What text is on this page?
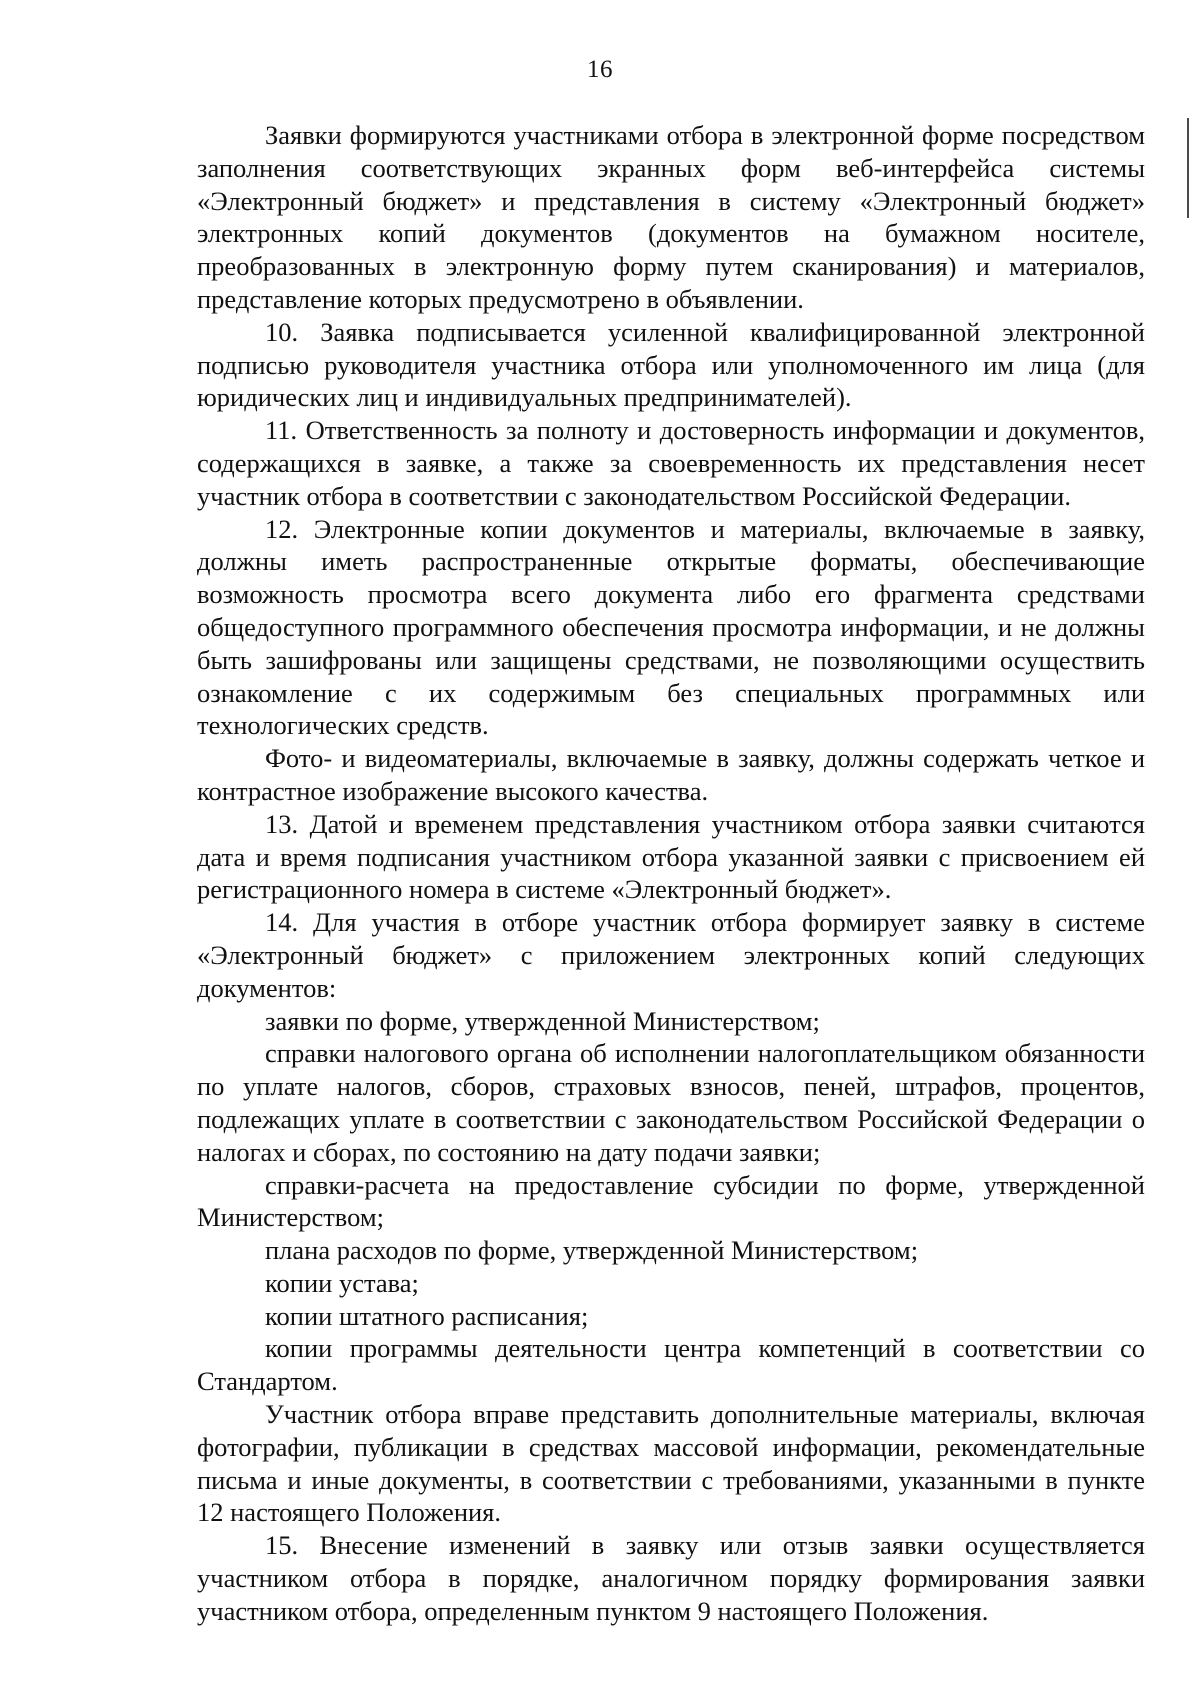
16

Заявки формируются участниками отбора в электронной форме посредством заполнения соответствующих экранных форм веб-интерфейса системы «Электронный бюджет» и представления в систему «Электронный бюджет» электронных копий документов (документов на бумажном носителе, преобразованных в электронную форму путем сканирования) и материалов, представление которых предусмотрено в объявлении.

10. Заявка подписывается усиленной квалифицированной электронной подписью руководителя участника отбора или уполномоченного им лица (для юридических лиц и индивидуальных предпринимателей).

11. Ответственность за полноту и достоверность информации и документов, содержащихся в заявке, а также за своевременность их представления несет участник отбора в соответствии с законодательством Российской Федерации.

12. Электронные копии документов и материалы, включаемые в заявку, должны иметь распространенные открытые форматы, обеспечивающие возможность просмотра всего документа либо его фрагмента средствами общедоступного программного обеспечения просмотра информации, и не должны быть зашифрованы или защищены средствами, не позволяющими осуществить ознакомление с их содержимым без специальных программных или технологических средств.

Фото- и видеоматериалы, включаемые в заявку, должны содержать четкое и контрастное изображение высокого качества.

13. Датой и временем представления участником отбора заявки считаются дата и время подписания участником отбора указанной заявки с присвоением ей регистрационного номера в системе «Электронный бюджет».

14. Для участия в отборе участник отбора формирует заявку в системе «Электронный бюджет» с приложением электронных копий следующих документов:

заявки по форме, утвержденной Министерством;

справки налогового органа об исполнении налогоплательщиком обязанности по уплате налогов, сборов, страховых взносов, пеней, штрафов, процентов, подлежащих уплате в соответствии с законодательством Российской Федерации о налогах и сборах, по состоянию на дату подачи заявки;

справки-расчета на предоставление субсидии по форме, утвержденной Министерством;

плана расходов по форме, утвержденной Министерством;

копии устава;

копии штатного расписания;

копии программы деятельности центра компетенций в соответствии со Стандартом.

Участник отбора вправе представить дополнительные материалы, включая фотографии, публикации в средствах массовой информации, рекомендательные письма и иные документы, в соответствии с требованиями, указанными в пункте 12 настоящего Положения.

15. Внесение изменений в заявку или отзыв заявки осуществляется участником отбора в порядке, аналогичном порядку формирования заявки участником отбора, определенным пунктом 9 настоящего Положения.
